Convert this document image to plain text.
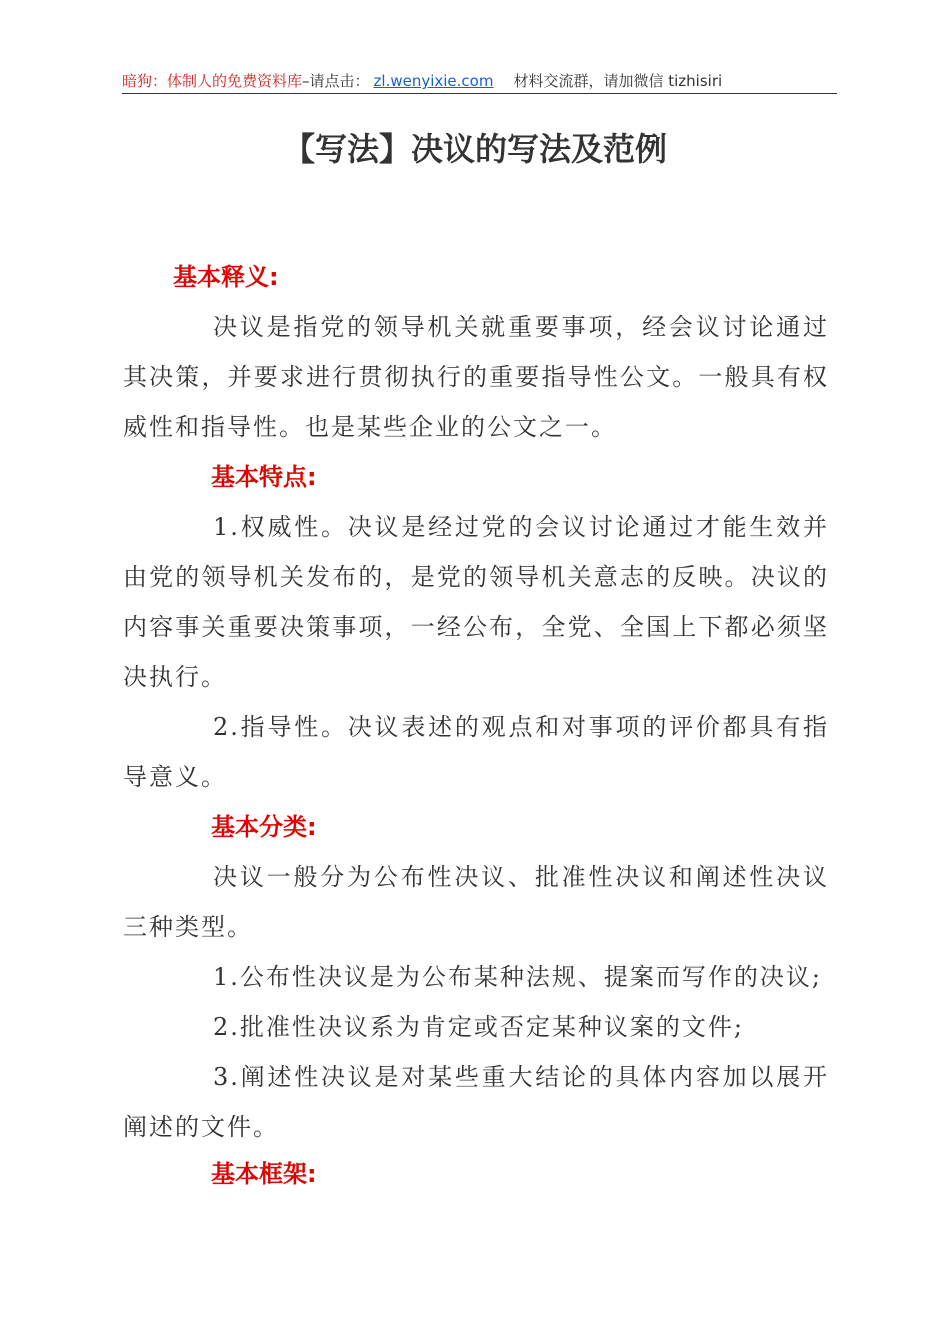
暗狗：体制人的免费资料库–请点击： zl.wenyixie.com 材料交流群，请加微信 tizhisiri
【写法】决议的写法及范例
基本释义:

决议是指党的领导机关就重要事项，经会议讨论通过其决策，并要求进行贯彻执行的重要指导性公文。一般具有权威性和指导性。也是某些企业的公文之一。

基本特点:

1.权威性。决议是经过党的会议讨论通过才能生效并由党的领导机关发布的，是党的领导机关意志的反映。决议的内容事关重要决策事项，一经公布，全党、全国上下都必须坚决执行。

2.指导性。决议表述的观点和对事项的评价都具有指导意义。

基本分类:

决议一般分为公布性决议、批准性决议和阐述性决议三种类型。

1.公布性决议是为公布某种法规、提案而写作的决议;

2.批准性决议系为肯定或否定某种议案的文件;

3.阐述性决议是对某些重大结论的具体内容加以展开阐述的文件。

基本框架:
